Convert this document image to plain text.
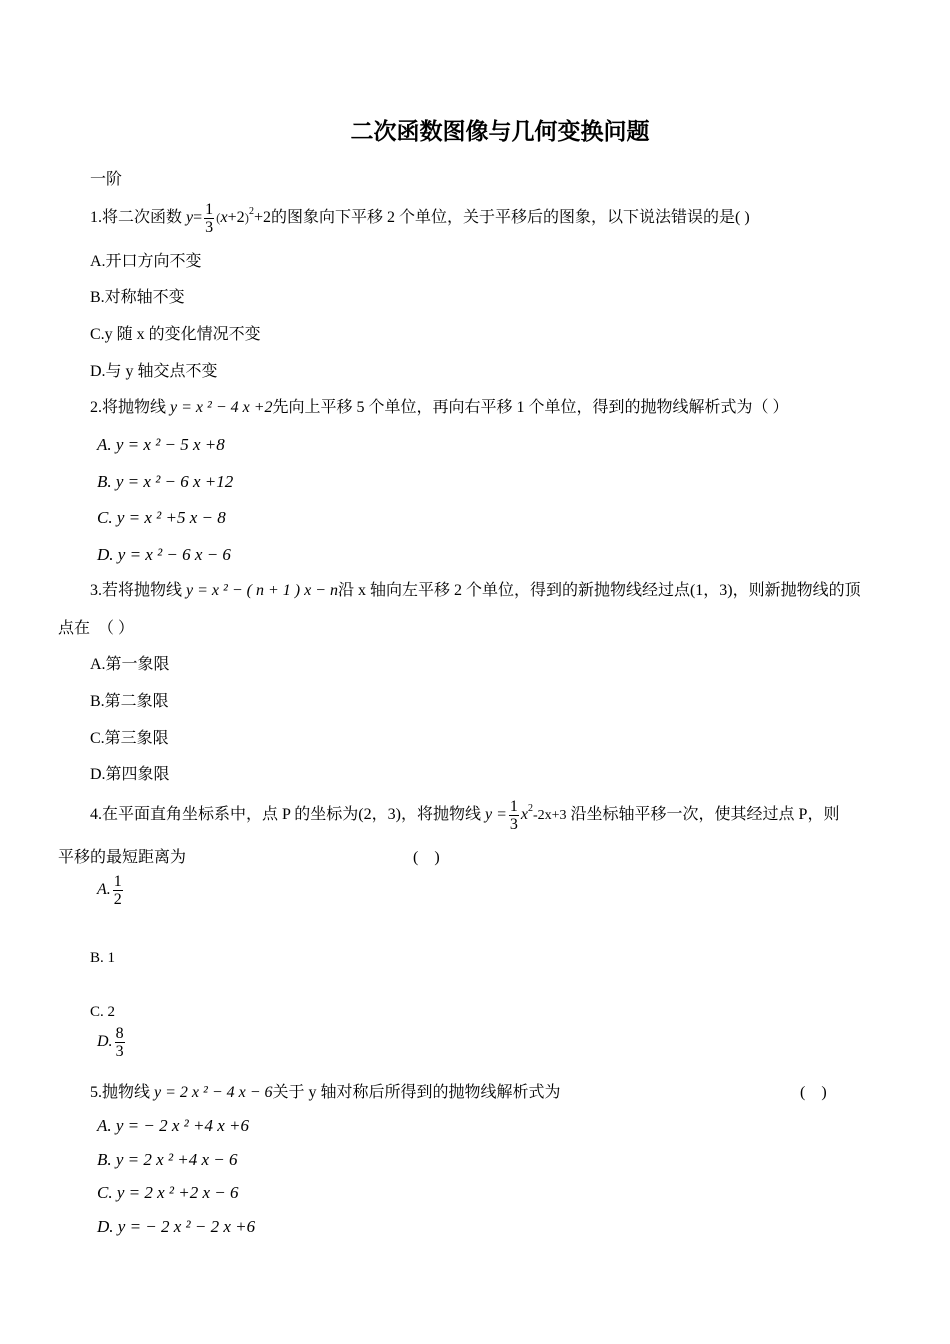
二次函数图像与几何变换问题
一阶
1.将二次函数 $y= \frac{1}{3} (x+2)^2+2$的图象向下平移 2 个单位，关于平移后的图象，以下说法错误的是( )
A.开口方向不变
B.对称轴不变
C.y 随 x 的变化情况不变
D.与 y 轴交点不变
2.将抛物线 y = x ² − 4 x +2先向上平移 5 个单位，再向右平移 1 个单位，得到的抛物线解析式为（ ）
A. y = x ² − 5 x +8
B. y = x ² − 6 x +12
C. y = x ² +5 x − 8
D. y = x ² − 6 x − 6
3.若将抛物线 y = x ² − ( n + 1 ) x − n沿 x 轴向左平移 2 个单位，得到的新抛物线经过点(1，3)，则新抛物线的顶
点在　（ ）
A.第一象限
B.第二象限
C.第三象限
D.第四象限
4.在平面直角坐标系中，点 P 的坐标为(2，3)，将抛物线 $y = \frac{1}{3} x^2-2x+3$ 沿坐标轴平移一次，使其经过点 P，则
平移的最短距离为	(　)
A. $\frac{1}{2}$
B. 1
C. 2
D. $\frac{8}{3}$
5.抛物线 y = 2 x ² − 4 x − 6关于 y 轴对称后所得到的抛物线解析式为	(　)
A. y = − 2 x ² +4 x +6
B. y = 2 x ² +4 x − 6
C. y = 2 x ² +2 x − 6
D. y = − 2 x ² − 2 x +6
